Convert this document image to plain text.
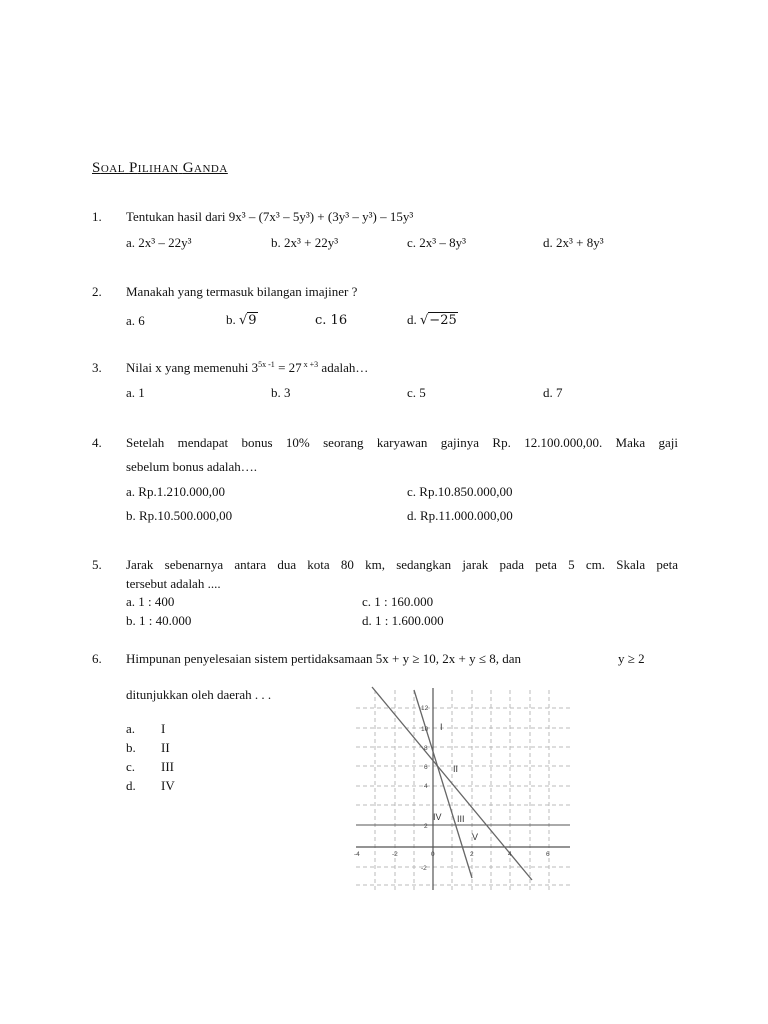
SOAL PILIHAN GANDA
1. Tentukan hasil dari 9x³ – (7x³ – 5y³) + (3y³ – y³) – 15y³
a. 2x³ – 22y³	b. 2x³ + 22y³	c. 2x³ – 8y³	d. 2x³ + 8y³
2. Manakah yang termasuk bilangan imajiner ?
a. 6	b. √9	c. 16	d. √−25
3. Nilai x yang memenuhi $3^{5x -1} = 27$ $^{x +3}$ adalah…
a. 1	b. 3	c. 5	d. 7
4. Setelah mendapat bonus 10% seorang karyawan gajinya Rp. 12.100.000,00. Maka gaji
sebelum bonus adalah….
a. Rp.1.210.000,00	c. Rp.10.850.000,00
b. Rp.10.500.000,00	d. Rp.11.000.000,00
5. Jarak sebenarnya antara dua kota 80 km, sedangkan jarak pada peta 5 cm. Skala peta
tersebut adalah ....
a. 1 : 400	c. 1 : 160.000
b. 1 : 40.000	d. 1 : 1.600.000
6. Himpunan penyelesaian sistem pertidaksamaan 5x + y ≥ 10, 2x + y ≤ 8, dan	y ≥ 2
ditunjukkan oleh daerah . . .
a. I
b. II
c. III
d. IV
12
10
8
6
4
2
-2
-4	-2	0	2	4	6
I
II
IV III
V
